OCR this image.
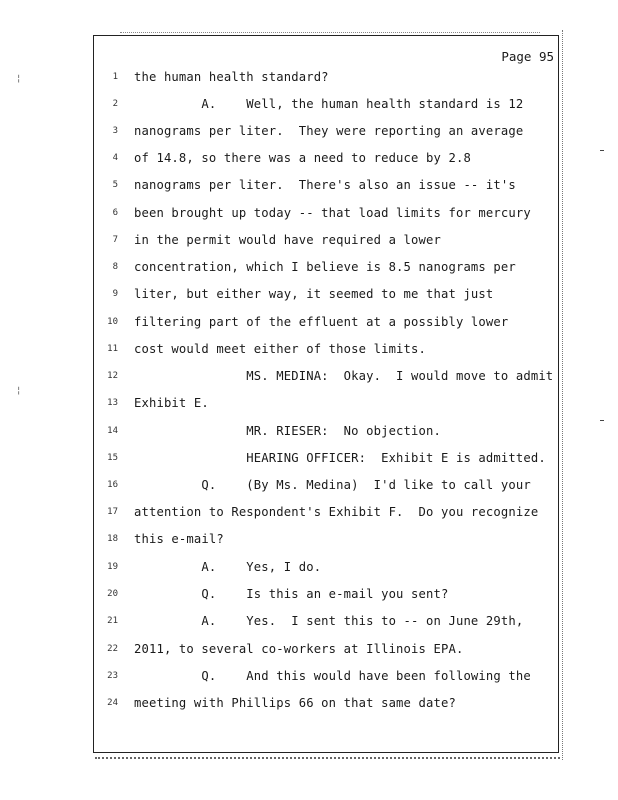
¦
¦
Page 95
1 the human health standard?
2 A.    Well, the human health standard is 12
3 nanograms per liter.  They were reporting an average
4 of 14.8, so there was a need to reduce by 2.8
5 nanograms per liter.  There's also an issue -- it's
6 been brought up today -- that load limits for mercury
7 in the permit would have required a lower
8 concentration, which I believe is 8.5 nanograms per
9 liter, but either way, it seemed to me that just
10 filtering part of the effluent at a possibly lower
11 cost would meet either of those limits.
12 MS. MEDINA:  Okay.  I would move to admit
13 Exhibit E.
14 MR. RIESER:  No objection.
15 HEARING OFFICER:  Exhibit E is admitted.
16 Q.    (By Ms. Medina)  I'd like to call your
17 attention to Respondent's Exhibit F.  Do you recognize
18 this e-mail?
19 A.    Yes, I do.
20 Q.    Is this an e-mail you sent?
21 A.    Yes.  I sent this to -- on June 29th,
22 2011, to several co-workers at Illinois EPA.
23 Q.    And this would have been following the
24 meeting with Phillips 66 on that same date?
